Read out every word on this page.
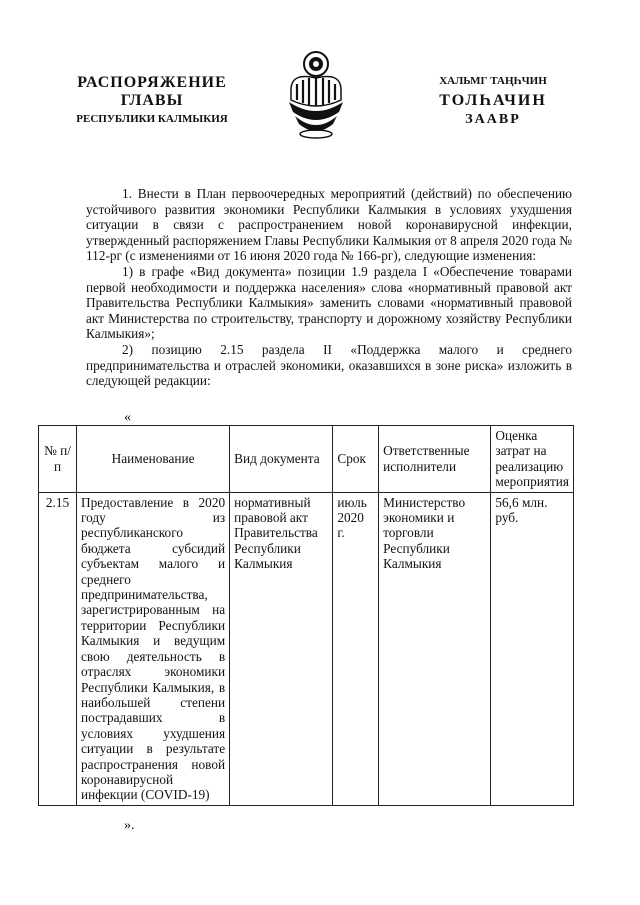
РАСПОРЯЖЕНИЕ
ГЛАВЫ
РЕСПУБЛИКИ КАЛМЫКИЯ
ХАЛЬМГ ТАҢҺЧИН
ТОЛҺАЧИН
ЗААВР

1. Внести в План первоочередных мероприятий (действий) по обеспечению устойчивого развития экономики Республики Калмыкия в условиях ухудшения ситуации в связи с распространением новой коронавирусной инфекции, утвержденный распоряжением Главы Республики Калмыкия от 8 апреля 2020 года № 112-рг (с изменениями от 16 июня 2020 года № 166-рг), следующие изменения:

1) в графе «Вид документа» позиции 1.9 раздела I «Обеспечение товарами первой необходимости и поддержка населения» слова «нормативный правовой акт Правительства Республики Калмыкия» заменить словами «нормативный правовой акт Министерства по строительству, транспорту и дорожному хозяйству Республики Калмыкия»;

2) позицию 2.15 раздела II «Поддержка малого и среднего предпринимательства и отраслей экономики, оказавшихся в зоне риска» изложить в следующей редакции:

«
№ п/п	Наименование	Вид документа	Срок	Ответственные исполнители	Оценка затрат на реализацию мероприятия
2.15	Предоставление в 2020 году из республиканского бюджета субсидий субъектам малого и среднего предпринимательства, зарегистрированным на территории Республики Калмыкия и ведущим свою деятельность в отраслях экономики Республики Калмыкия, в наибольшей степени пострадавших в условиях ухудшения ситуации в результате распространения новой коронавирусной инфекции (COVID-19)	нормативный правовой акт Правительства Республики Калмыкия	июль 2020 г.	Министерство экономики и торговли Республики Калмыкия	56,6 млн. руб.
».
